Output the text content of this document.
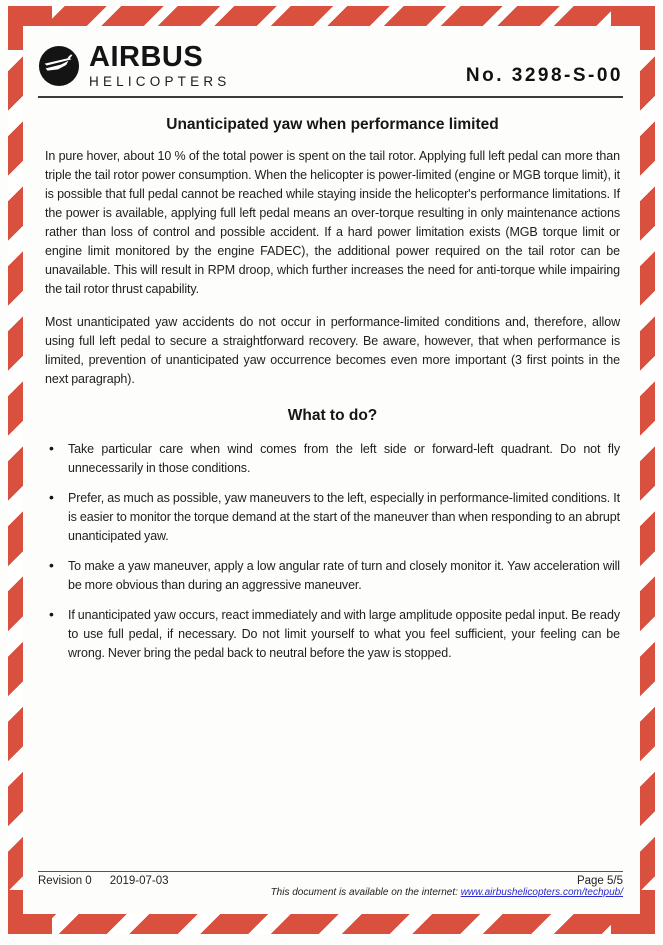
AIRBUS
HELICOPTERS	No. 3298-S-00
Unanticipated yaw when performance limited

In pure hover, about 10 % of the total power is spent on the tail rotor. Applying full left pedal can more than triple the tail rotor power consumption. When the helicopter is power-limited (engine or MGB torque limit), it is possible that full pedal cannot be reached while staying inside the helicopter's performance limitations. If the power is available, applying full left pedal means an over-torque resulting in only maintenance actions rather than loss of control and possible accident. If a hard power limitation exists (MGB torque limit or engine limit monitored by the engine FADEC), the additional power required on the tail rotor can be unavailable. This will result in RPM droop, which further increases the need for anti-torque while impairing the tail rotor thrust capability.

Most unanticipated yaw accidents do not occur in performance-limited conditions and, therefore, allow using full left pedal to secure a straightforward recovery. Be aware, however, that when performance is limited, prevention of unanticipated yaw occurrence becomes even more important (3 first points in the next paragraph).

What to do?
• Take particular care when wind comes from the left side or forward-left quadrant. Do not fly unnecessarily in those conditions.
• Prefer, as much as possible, yaw maneuvers to the left, especially in performance-limited conditions. It is easier to monitor the torque demand at the start of the maneuver than when responding to an abrupt unanticipated yaw.
• To make a yaw maneuver, apply a low angular rate of turn and closely monitor it. Yaw acceleration will be more obvious than during an aggressive maneuver.
• If unanticipated yaw occurs, react immediately and with large amplitude opposite pedal input. Be ready to use full pedal, if necessary. Do not limit yourself to what you feel sufficient, your feeling can be wrong. Never bring the pedal back to neutral before the yaw is stopped.
Revision 0 2019-07-03	Page 5/5
This document is available on the internet: www.airbushelicopters.com/techpub/
